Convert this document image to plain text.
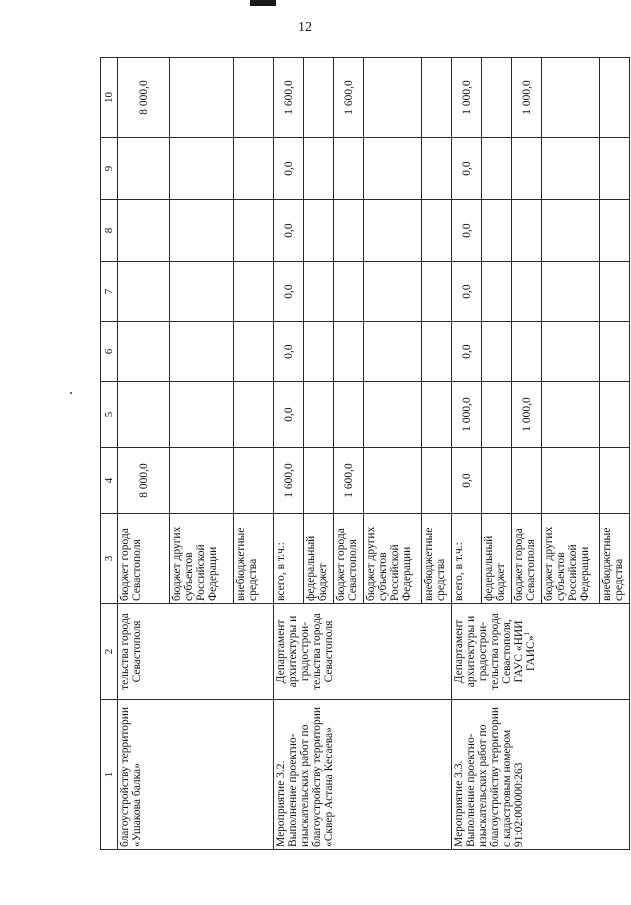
12
1	2	3	4	5	6	7	8	9	10
благоустройству территории «Ушакова балка»	тельства города Севастополя	бюджет города Севастополя	8 000,0						8 000,0
		бюджет других субъектов Российской Федерации							
		внебюджетные средства							
Мероприятие 3.2. Выполнение проектно-изыскательских работ по благоустройству территории «Сквер Астана Кесаева»	Департамент архитектуры и градострои-тельства города Севастополя	всего, в т.ч.:	1 600,0	0,0	0,0	0,0	0,0	0,0	1 600,0
		федеральный бюджет							
		бюджет города Севастополя	1 600,0						1 600,0
		бюджет других субъектов Российской Федерации							
		внебюджетные средства							
Мероприятие 3.3. Выполнение проектно-изыскательских работ по благоустройству территории с кадастровым номером 91:02:000000:263	Департамент архитектуры и градострои-тельства города Севастополя, ГАУС «НИИ ГАИС»$^1$	всего, в т.ч.:	0,0	1 000,0	0,0	0,0	0,0	0,0	1 000,0
		федеральный бюджет							
		бюджет города Севастополя		1 000,0					1 000,0
		бюджет других субъектов Российской Федерации							
		внебюджетные средства							
